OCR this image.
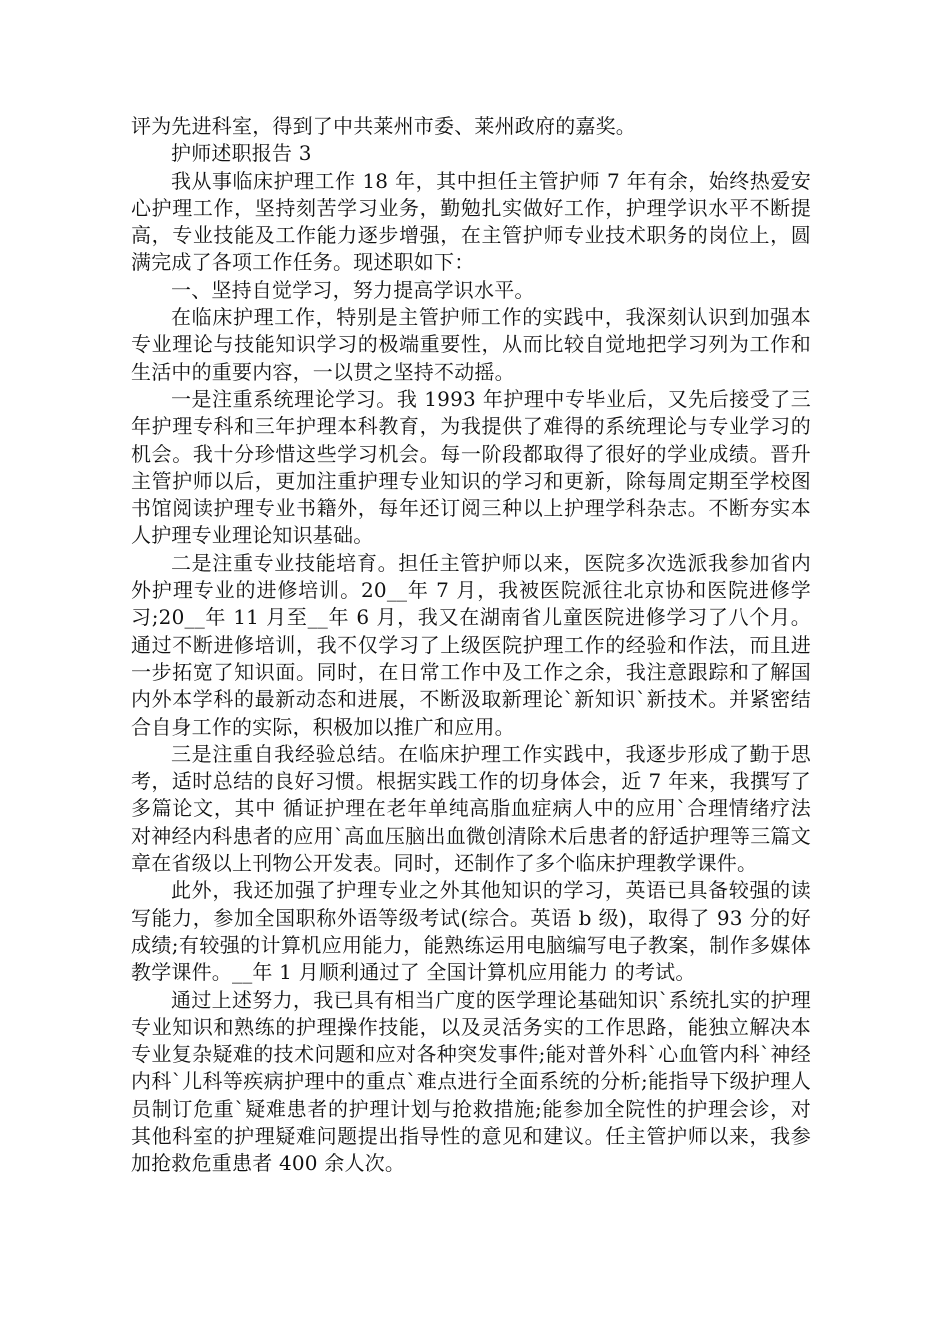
评为先进科室，得到了中共莱州市委、莱州政府的嘉奖。

护师述职报告 3

我从事临床护理工作 18 年，其中担任主管护师 7 年有余，始终热爱安心护理工作，坚持刻苦学习业务，勤勉扎实做好工作，护理学识水平不断提高，专业技能及工作能力逐步增强，在主管护师专业技术职务的岗位上，圆满完成了各项工作任务。现述职如下：

一、坚持自觉学习，努力提高学识水平。

在临床护理工作，特别是主管护师工作的实践中，我深刻认识到加强本专业理论与技能知识学习的极端重要性，从而比较自觉地把学习列为工作和生活中的重要内容，一以贯之坚持不动摇。

一是注重系统理论学习。我 1993 年护理中专毕业后，又先后接受了三年护理专科和三年护理本科教育，为我提供了难得的系统理论与专业学习的机会。我十分珍惜这些学习机会。每一阶段都取得了很好的学业成绩。晋升主管护师以后，更加注重护理专业知识的学习和更新，除每周定期至学校图书馆阅读护理专业书籍外，每年还订阅三种以上护理学科杂志。不断夯实本人护理专业理论知识基础。

二是注重专业技能培育。担任主管护师以来，医院多次选派我参加省内外护理专业的进修培训。20__年 7 月，我被医院派往北京协和医院进修学习;20__年 11 月至__年 6 月，我又在湖南省儿童医院进修学习了八个月。通过不断进修培训，我不仅学习了上级医院护理工作的经验和作法，而且进一步拓宽了知识面。同时，在日常工作中及工作之余，我注意跟踪和了解国内外本学科的最新动态和进展，不断汲取新理论`新知识`新技术。并紧密结合自身工作的实际，积极加以推广和应用。

三是注重自我经验总结。在临床护理工作实践中，我逐步形成了勤于思考，适时总结的良好习惯。根据实践工作的切身体会，近 7 年来，我撰写了多篇论文，其中 循证护理在老年单纯高脂血症病人中的应用`合理情绪疗法对神经内科患者的应用`高血压脑出血微创清除术后患者的舒适护理等三篇文章在省级以上刊物公开发表。同时，还制作了多个临床护理教学课件。

此外，我还加强了护理专业之外其他知识的学习，英语已具备较强的读写能力，参加全国职称外语等级考试(综合。英语 b 级)，取得了 93 分的好成绩;有较强的计算机应用能力，能熟练运用电脑编写电子教案，制作多媒体教学课件。__年 1 月顺利通过了 全国计算机应用能力 的考试。

通过上述努力，我已具有相当广度的医学理论基础知识`系统扎实的护理专业知识和熟练的护理操作技能，以及灵活务实的工作思路，能独立解决本专业复杂疑难的技术问题和应对各种突发事件;能对普外科`心血管内科`神经内科`儿科等疾病护理中的重点`难点进行全面系统的分析;能指导下级护理人员制订危重`疑难患者的护理计划与抢救措施;能参加全院性的护理会诊，对其他科室的护理疑难问题提出指导性的意见和建议。任主管护师以来，我参加抢救危重患者 400 余人次。
